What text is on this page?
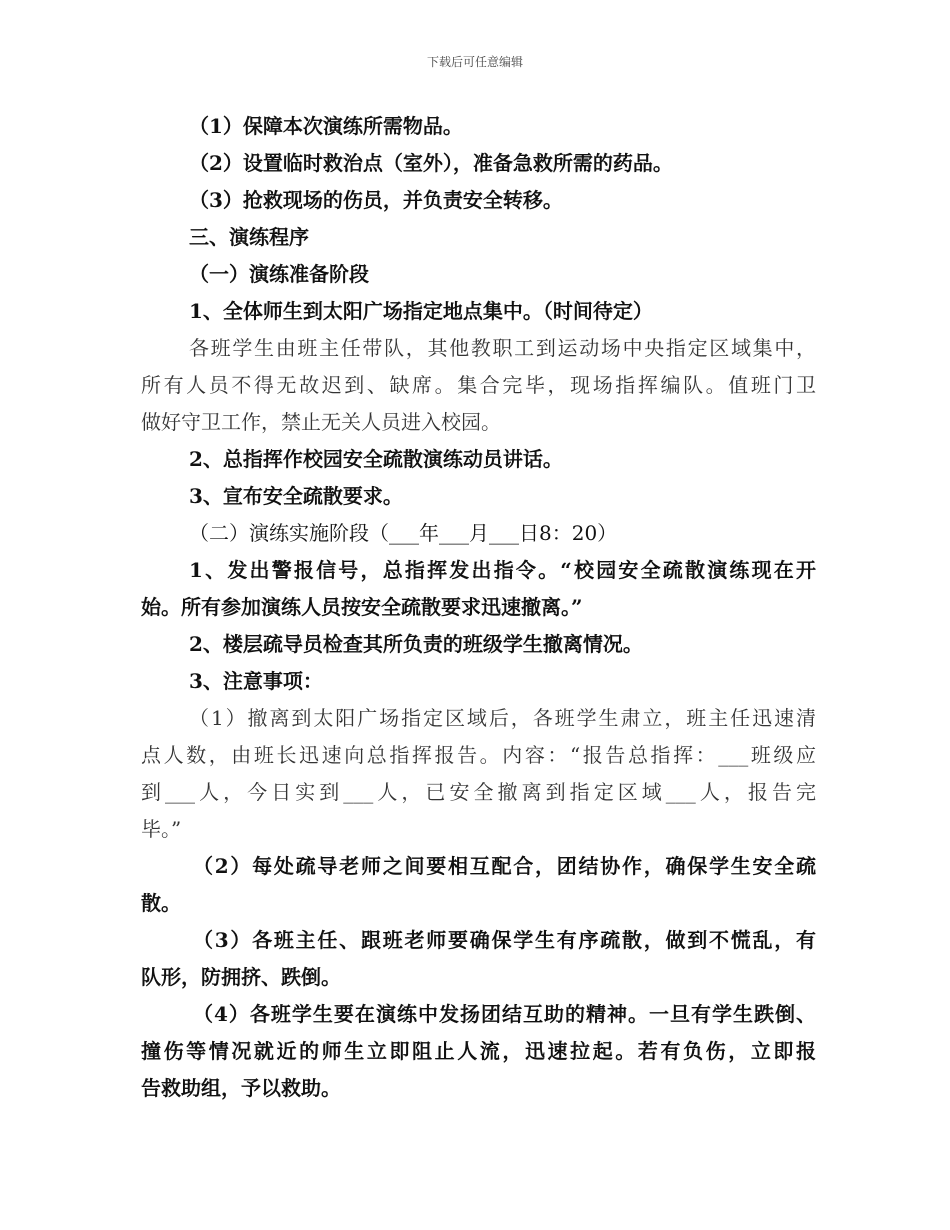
下载后可任意编辑
（1）保障本次演练所需物品。
（2）设置临时救治点（室外），准备急救所需的药品。
（3）抢救现场的伤员，并负责安全转移。
三、演练程序
（一）演练准备阶段
1、全体师生到太阳广场指定地点集中。（时间待定）
各班学生由班主任带队，其他教职工到运动场中央指定区域集中，
所有人员不得无故迟到、缺席。集合完毕，现场指挥编队。值班门卫
做好守卫工作，禁止无关人员进入校园。
2、总指挥作校园安全疏散演练动员讲话。
3、宣布安全疏散要求。
（二）演练实施阶段（___年___月___日8：20）
1、发出警报信号，总指挥发出指令。“校园安全疏散演练现在开
始。所有参加演练人员按安全疏散要求迅速撤离。”
2、楼层疏导员检查其所负责的班级学生撤离情况。
3、注意事项：
（1）撤离到太阳广场指定区域后，各班学生肃立，班主任迅速清
点人数，由班长迅速向总指挥报告。内容：“报告总指挥：___班级应
到___人，今日实到___人，已安全撤离到指定区域___人，报告完
毕。”
（2）每处疏导老师之间要相互配合，团结协作，确保学生安全疏
散。
（3）各班主任、跟班老师要确保学生有序疏散，做到不慌乱，有
队形，防拥挤、跌倒。
（4）各班学生要在演练中发扬团结互助的精神。一旦有学生跌倒、
撞伤等情况就近的师生立即阻止人流，迅速拉起。若有负伤，立即报
告救助组，予以救助。
